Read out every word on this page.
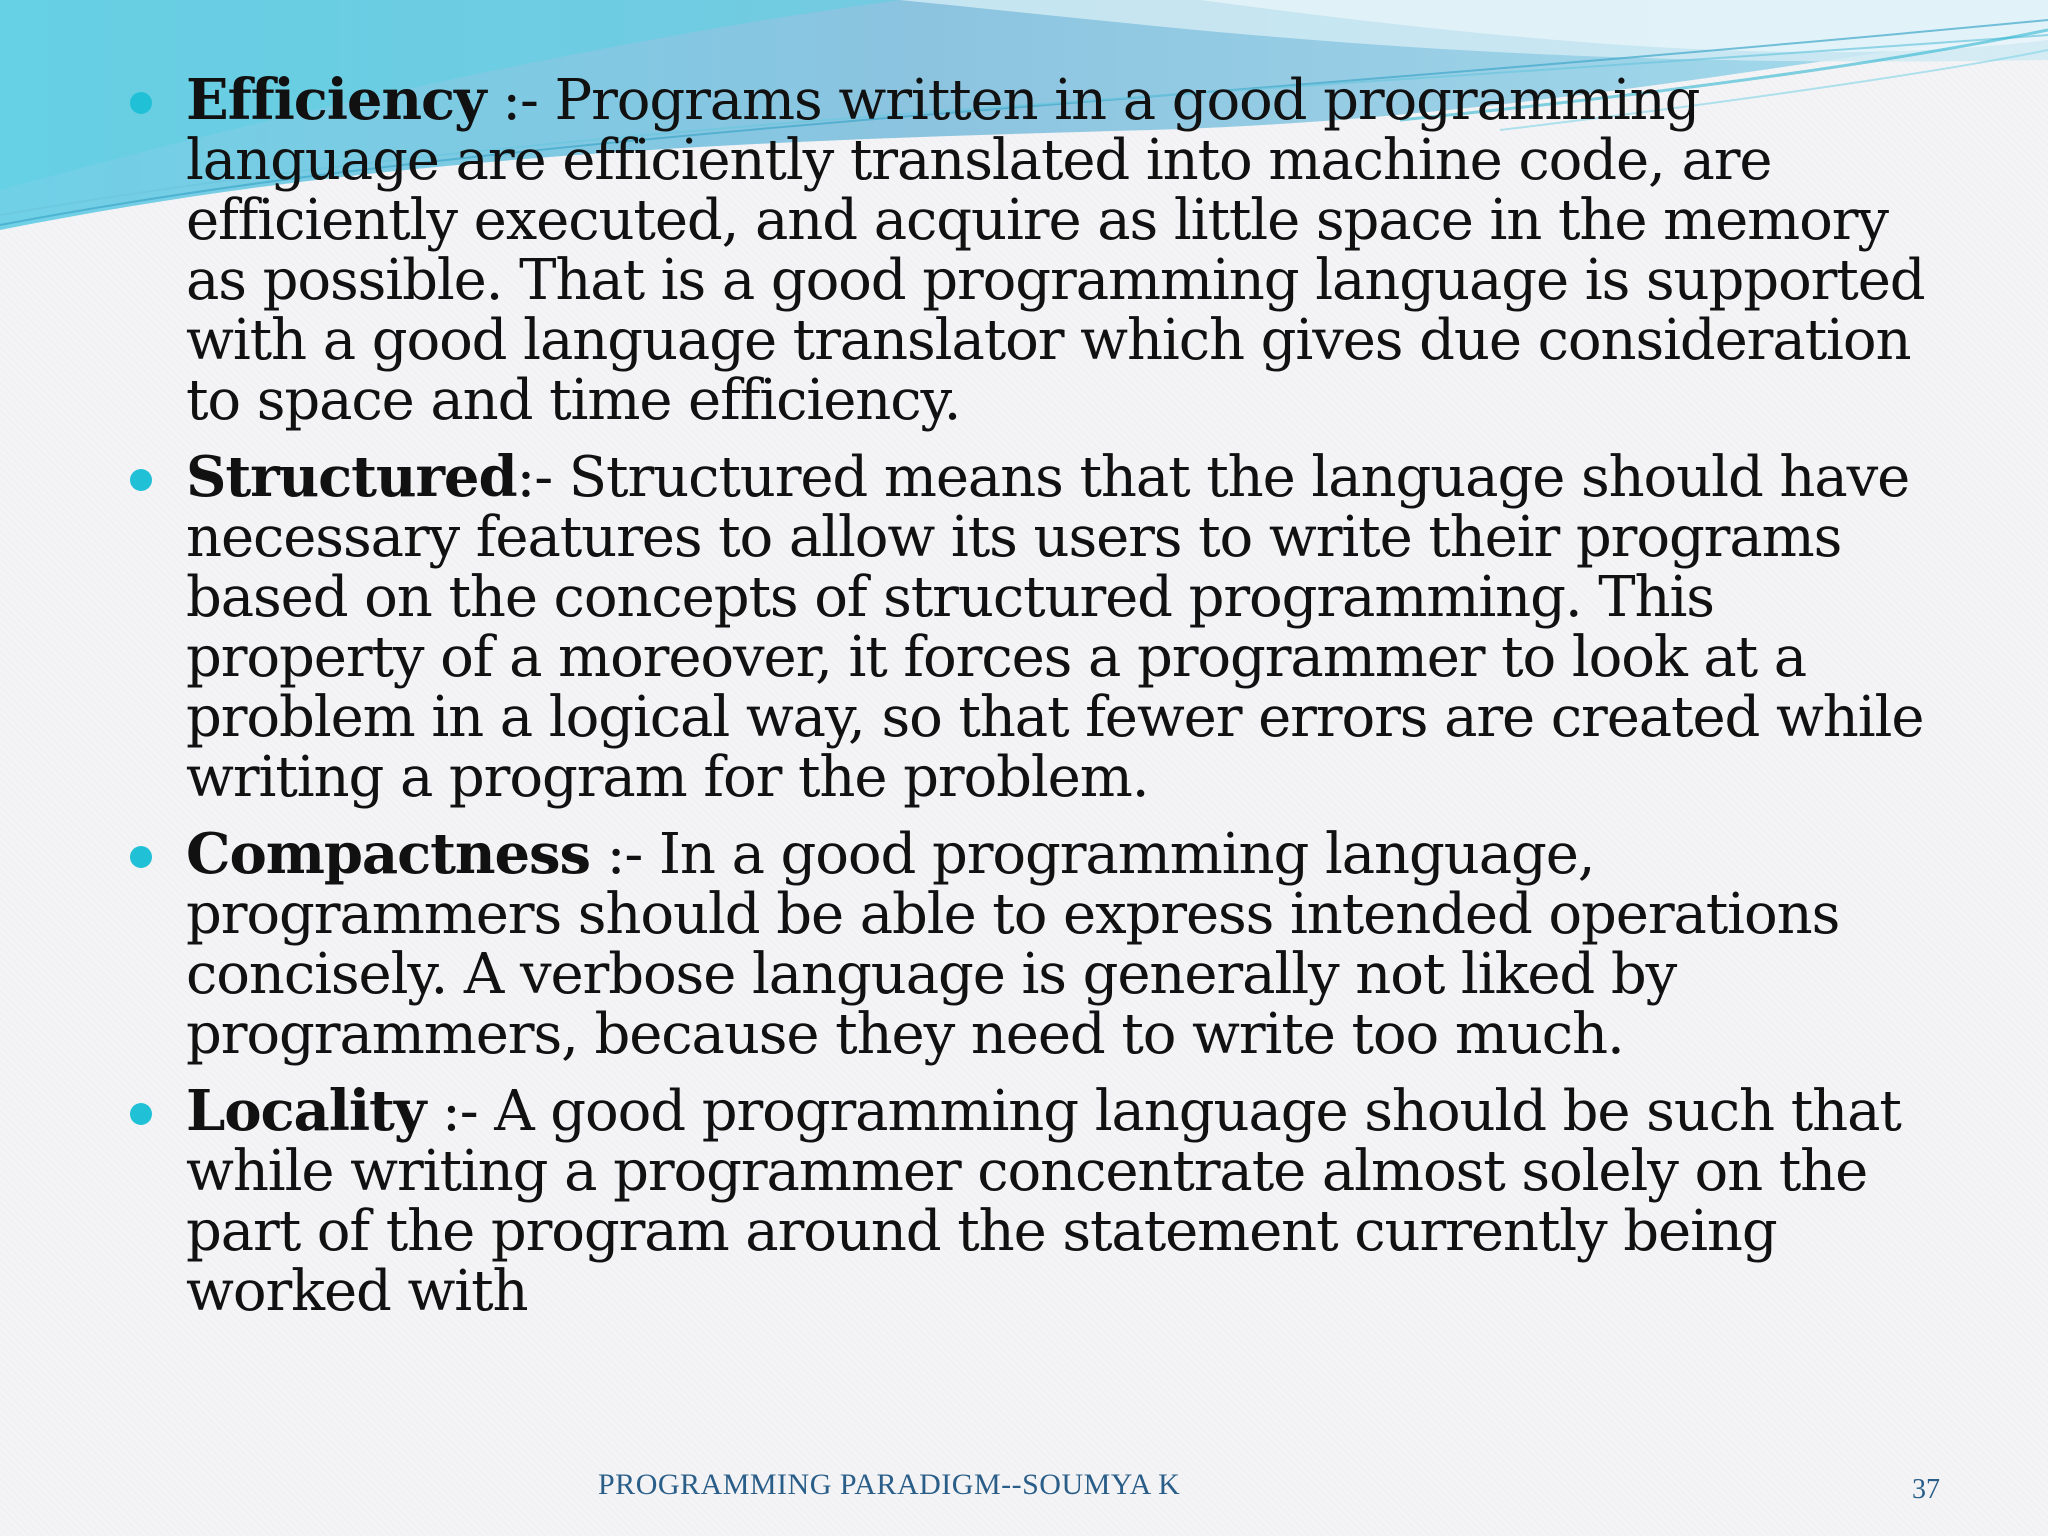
Efficiency :- Programs written in a good programming language are efficiently translated into machine code, are efficiently executed, and acquire as little space in the memory as possible. That is a good programming language is supported with a good language translator which gives due consideration to space and time efficiency.
Structured:- Structured means that the language should have necessary features to allow its users to write their programs based on the concepts of structured programming. This property of a moreover, it forces a programmer to look at a problem in a logical way, so that fewer errors are created while writing a program for the problem.
Compactness :- In a good programming language, programmers should be able to express intended operations concisely. A verbose language is generally not liked by programmers, because they need to write too much.
Locality :- A good programming language should be such that while writing a programmer concentrate almost solely on the part of the program around the statement currently being worked with
PROGRAMMING PARADIGM--SOUMYA K	37
